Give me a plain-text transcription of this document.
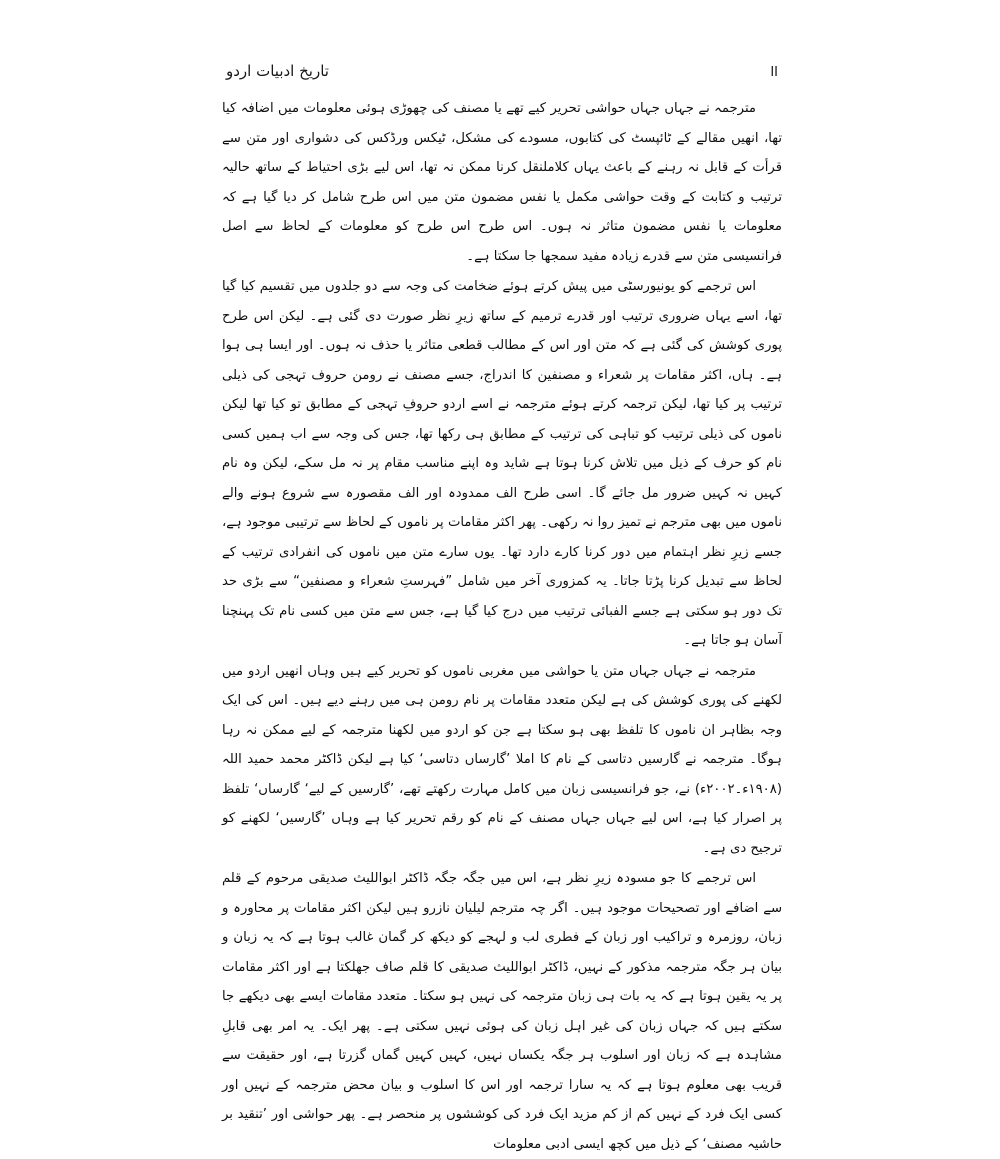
تاریخ ادبیات اردو	II

مترجمہ نے جہاں جہاں حواشی تحریر کیے تھے یا مصنف کی چھوڑی ہوئی معلومات میں اضافہ کیا تھا، انھیں مقالے کے ٹائپسٹ کی کتابوں، مسودے کی مشکل، ٹیکس ورڈکس کی دشواری اور متن سے قرأت کے قابل نہ رہنے کے باعث یہاں کلاملنقل کرنا ممکن نہ تھا، اس لیے بڑی احتیاط کے ساتھ حالیہ ترتیب و کتابت کے وقت حواشی مکمل یا نفس مضمون متن میں اس طرح شامل کر دیا گیا ہے کہ معلومات یا نفس مضمون متاثر نہ ہوں۔ اس طرح اس طرح کو معلومات کے لحاظ سے اصل فرانسیسی متن سے قدرے زیادہ مفید سمجھا جا سکتا ہے۔

اس ترجمے کو یونیورسٹی میں پیش کرتے ہوئے ضخامت کی وجہ سے دو جلدوں میں تقسیم کیا گیا تھا، اسے یہاں ضروری ترتیب اور قدرے ترمیم کے ساتھ زیرِ نظر صورت دی گئی ہے۔ لیکن اس طرح پوری کوشش کی گئی ہے کہ متن اور اس کے مطالب قطعی متاثر یا حذف نہ ہوں۔ اور ایسا ہی ہوا ہے۔ ہاں، اکثر مقامات پر شعراء و مصنفین کا اندراج، جسے مصنف نے رومن حروف تہجی کی ذیلی ترتیب پر کیا تھا، لیکن ترجمہ کرتے ہوئے مترجمہ نے اسے اردو حروفِ تہجی کے مطابق تو کیا تھا لیکن ناموں کی ذیلی ترتیب کو تباہی کی ترتیب کے مطابق ہی رکھا تھا، جس کی وجہ سے اب ہمیں کسی نام کو حرف کے ذیل میں تلاش کرنا ہوتا ہے شاید وہ اپنے مناسب مقام پر نہ مل سکے، لیکن وہ نام کہیں نہ کہیں ضرور مل جائے گا۔ اسی طرح الف ممدودہ اور الف مقصورہ سے شروع ہونے والے ناموں میں بھی مترجم نے تمیز روا نہ رکھی۔ پھر اکثر مقامات پر ناموں کے لحاظ سے ترتیبی موجود ہے، جسے زیرِ نظر اہتمام میں دور کرنا کارے دارد تھا۔ یوں سارے متن میں ناموں کی انفرادی ترتیب کے لحاظ سے تبدیل کرنا پڑتا جاتا۔ یہ کمزوری آخر میں شامل ”فہرستِ شعراء و مصنفین“ سے بڑی حد تک دور ہو سکتی ہے جسے الفبائی ترتیب میں درج کیا گیا ہے، جس سے متن میں کسی نام تک پہنچنا آسان ہو جاتا ہے۔

مترجمہ نے جہاں جہاں متن یا حواشی میں مغربی ناموں کو تحریر کیے ہیں وہاں انھیں اردو میں لکھنے کی پوری کوشش کی ہے لیکن متعدد مقامات پر نام رومن ہی میں رہنے دیے ہیں۔ اس کی ایک وجہ بظاہر ان ناموں کا تلفظ بھی ہو سکتا ہے جن کو اردو میں لکھنا مترجمہ کے لیے ممکن نہ رہا ہوگا۔ مترجمہ نے گارسیں دتاسی کے نام کا املا ’گارساں دتاسی‘ کیا ہے لیکن ڈاکٹر محمد حمید اللہ (۱۹۰۸ء۔۲۰۰۲ء) نے، جو فرانسیسی زبان میں کامل مہارت رکھتے تھے، ’گارسیں کے لیے‘ گارساں‘ تلفظ پر اصرار کیا ہے، اس لیے جہاں جہاں مصنف کے نام کو رقم تحریر کیا ہے وہاں ’گارسیں‘ لکھنے کو ترجیح دی ہے۔

اس ترجمے کا جو مسودہ زیرِ نظر ہے، اس میں جگہ جگہ ڈاکٹر ابواللیث صدیقی مرحوم کے قلم سے اضافے اور تصحیحات موجود ہیں۔ اگر چہ مترجم لیلیان نازرو ہیں لیکن اکثر مقامات پر محاورہ و زبان، روزمرہ و تراکیب اور زبان کے فطری لب و لہجے کو دیکھ کر گمان غالب ہوتا ہے کہ یہ زبان و بیان ہر جگہ مترجمہ مذکور کے نہیں، ڈاکٹر ابواللیث صدیقی کا قلم صاف جھلکتا ہے اور اکثر مقامات پر یہ یقین ہوتا ہے کہ یہ بات ہی زبان مترجمہ کی نہیں ہو سکتا۔ متعدد مقامات ایسے بھی دیکھے جا سکتے ہیں کہ جہاں زبان کی غیر اہل زبان کی ہوئی نہیں سکتی ہے۔ پھر ایک۔ یہ امر بھی قابلِ مشاہدہ ہے کہ زبان اور اسلوب ہر جگہ یکساں نہیں، کہیں کہیں گماں گزرتا ہے، اور حقیقت سے قریب بھی معلوم ہوتا ہے کہ یہ سارا ترجمہ اور اس کا اسلوب و بیان محض مترجمہ کے نہیں اور کسی ایک فرد کے نہیں کم از کم مزید ایک فرد کی کوششوں پر منحصر ہے۔ پھر حواشی اور ’تنقید بر حاشیہ مصنف‘ کے ذیل میں کچھ ایسی ادبی معلومات
